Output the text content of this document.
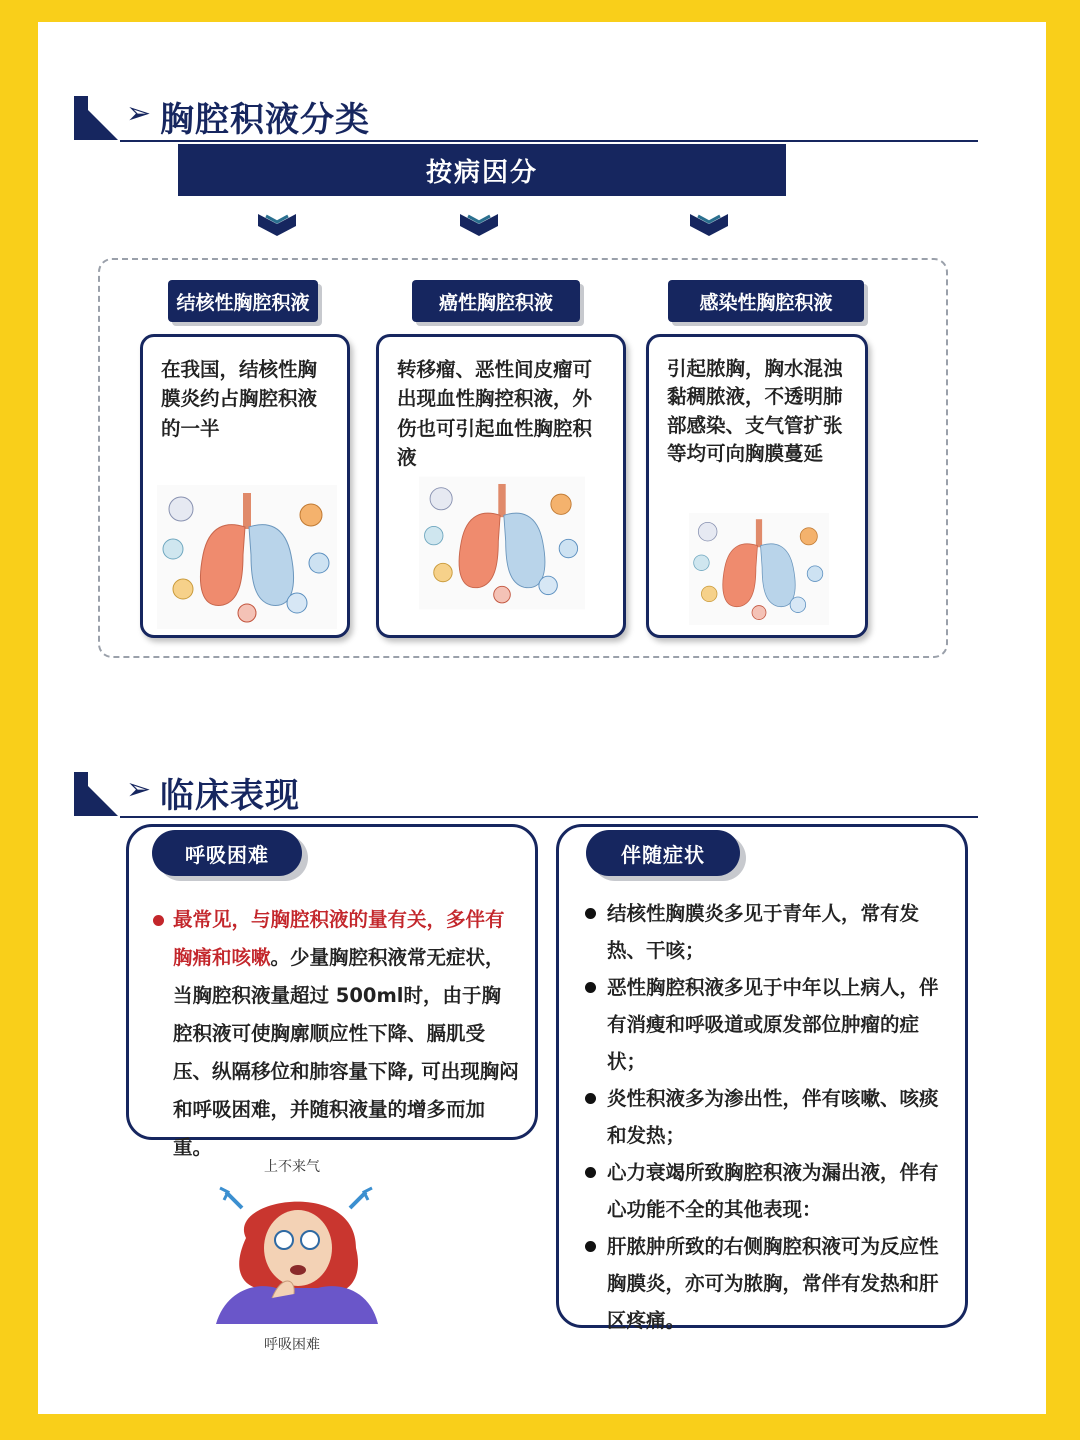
➢ 胸腔积液分类
按病因分
结核性胸腔积液	癌性胸腔积液	感染性胸腔积液
在我国，结核性胸膜炎约占胸腔积液的一半
转移瘤、恶性间皮瘤可出现血性胸控积液，外伤也可引起血性胸腔积液
引起脓胸，胸水混浊黏稠脓液，不透明肺部感染、支气管扩张等均可向胸膜蔓延
➢ 临床表现
最常见，与胸腔积液的量有关，多伴有胸痛和咳嗽。少量胸腔积液常无症状，当胸腔积液量超过 500ml时，由于胸腔积液可使胸廓顺应性下降、膈肌受压、纵隔移位和肺容量下降, 可出现胸闷和呼吸困难，并随积液量的增多而加重。
呼吸困难
上不来气
呼吸困难
结核性胸膜炎多见于青年人，常有发热、干咳；
恶性胸腔积液多见于中年以上病人，伴有消瘦和呼吸道或原发部位肿瘤的症状；
炎性积液多为渗出性，伴有咳嗽、咳痰和发热；
心力衰竭所致胸腔积液为漏出液，伴有心功能不全的其他表现：
肝脓肿所致的右侧胸腔积液可为反应性胸膜炎，亦可为脓胸，常伴有发热和肝区疼痛。
伴随症状
